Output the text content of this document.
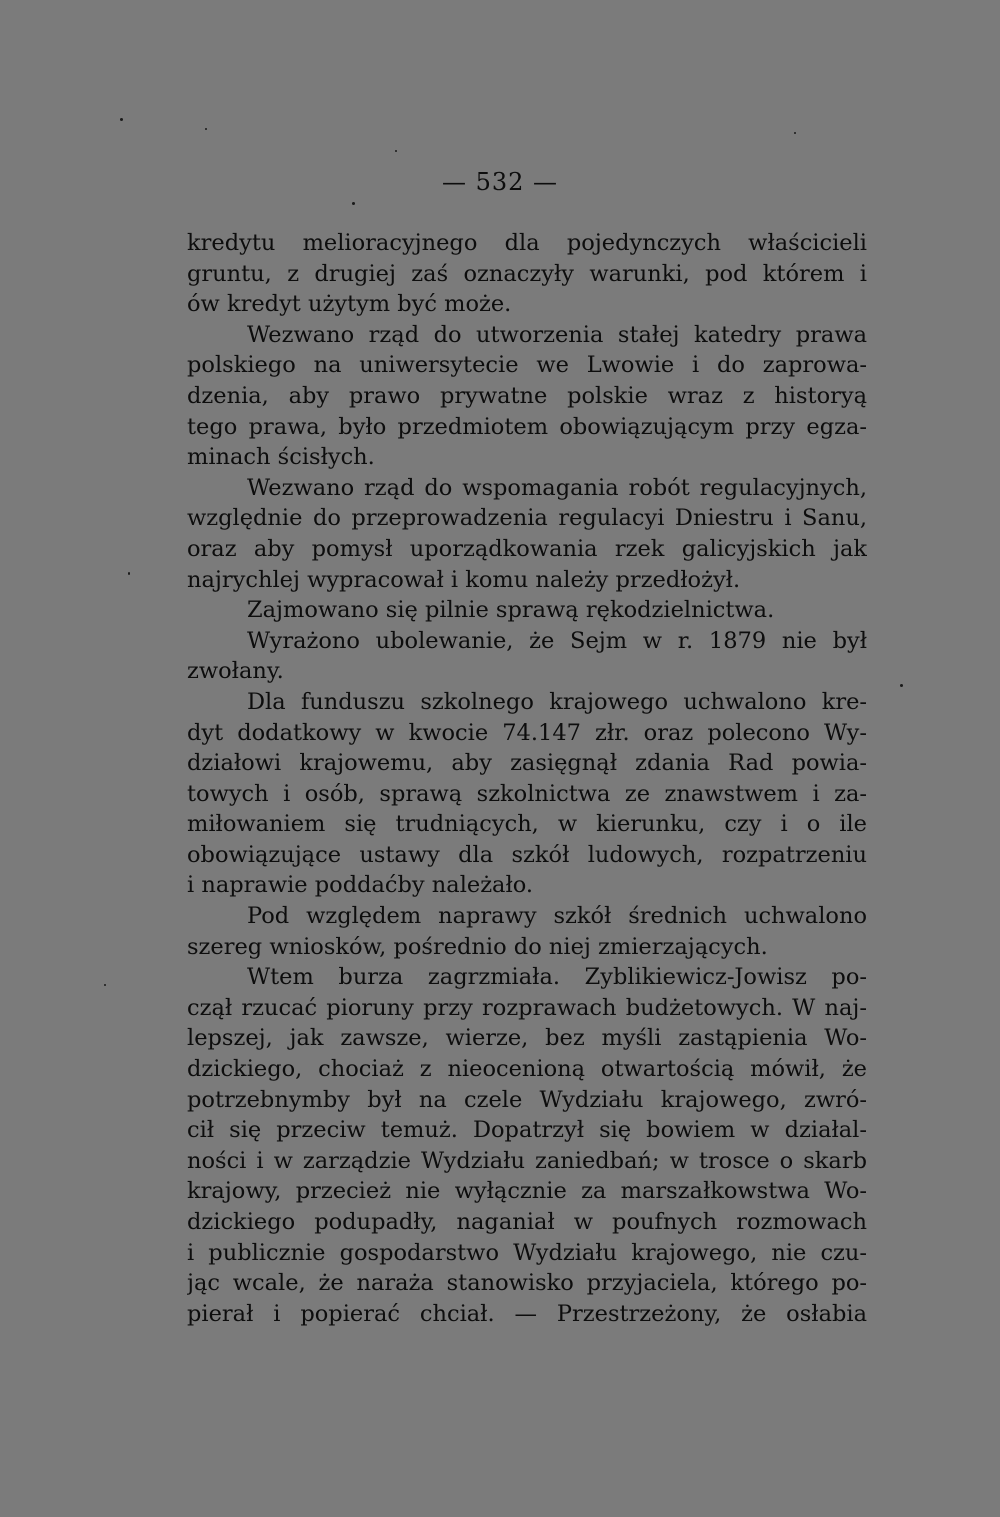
— 532 —
kredytu melioracyjnego dla pojedynczych właścicieli
gruntu, z drugiej zaś oznaczyły warunki, pod którem i
ów kredyt użytym być może.
Wezwano rząd do utworzenia stałej katedry prawa
polskiego na uniwersytecie we Lwowie i do zaprowa-
dzenia, aby prawo prywatne polskie wraz z historyą
tego prawa, było przedmiotem obowiązującym przy egza-
minach ścisłych.
Wezwano rząd do wspomagania robót regulacyjnych,
względnie do przeprowadzenia regulacyi Dniestru i Sanu,
oraz aby pomysł uporządkowania rzek galicyjskich jak
najrychlej wypracował i komu należy przedłożył.
Zajmowano się pilnie sprawą rękodzielnictwa.
Wyrażono ubolewanie, że Sejm w r. 1879 nie był
zwołany.
Dla funduszu szkolnego krajowego uchwalono kre-
dyt dodatkowy w kwocie 74.147 złr. oraz polecono Wy-
działowi krajowemu, aby zasięgnął zdania Rad powia-
towych i osób, sprawą szkolnictwa ze znawstwem i za-
miłowaniem się trudniących, w kierunku, czy i o ile
obowiązujące ustawy dla szkół ludowych, rozpatrzeniu
i naprawie poddaćby należało.
Pod względem naprawy szkół średnich uchwalono
szereg wniosków, pośrednio do niej zmierzających.
Wtem burza zagrzmiała. Zyblikiewicz-Jowisz po-
czął rzucać pioruny przy rozprawach budżetowych. W naj-
lepszej, jak zawsze, wierze, bez myśli zastąpienia Wo-
dzickiego, chociaż z nieocenioną otwartością mówił, że
potrzebnymby był na czele Wydziału krajowego, zwró-
cił się przeciw temuż. Dopatrzył się bowiem w działal-
ności i w zarządzie Wydziału zaniedbań; w trosce o skarb
krajowy, przecież nie wyłącznie za marszałkowstwa Wo-
dzickiego podupadły, naganiał w poufnych rozmowach
i publicznie gospodarstwo Wydziału krajowego, nie czu-
jąc wcale, że naraża stanowisko przyjaciela, którego po-
pierał i popierać chciał. — Przestrzeżony, że osłabia
